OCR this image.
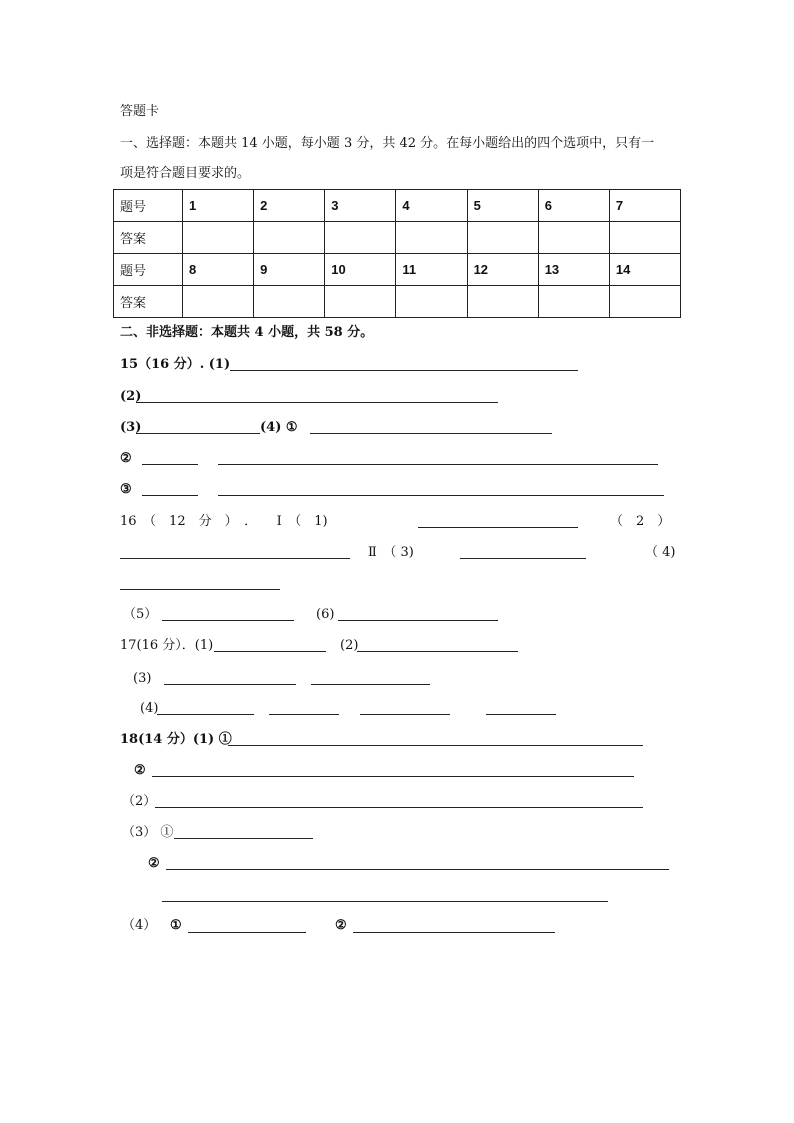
答题卡
一、选择题：本题共 14 小题，每小题 3 分，共 42 分。在每小题给出的四个选项中，只有一
项是符合题目要求的。
题号	1	2	3	4	5	6	7
答案							
题号	8	9	10	11	12	13	14
答案							
二、非选择题：本题共 4 小题，共 58 分。
15（16 分）. (1)
(2)
(3)	(4) ①
②
③
16　（　12　分　）　．　　Ⅰ　（　1)	（　2　）
Ⅱ　（ 3)	（ 4)
（5）	(6)
17(16 分）．(1)	(2)
(3)
(4)
18(14 分）(1) ①
②
（2）
（3） ①
②
（4） ①	②
